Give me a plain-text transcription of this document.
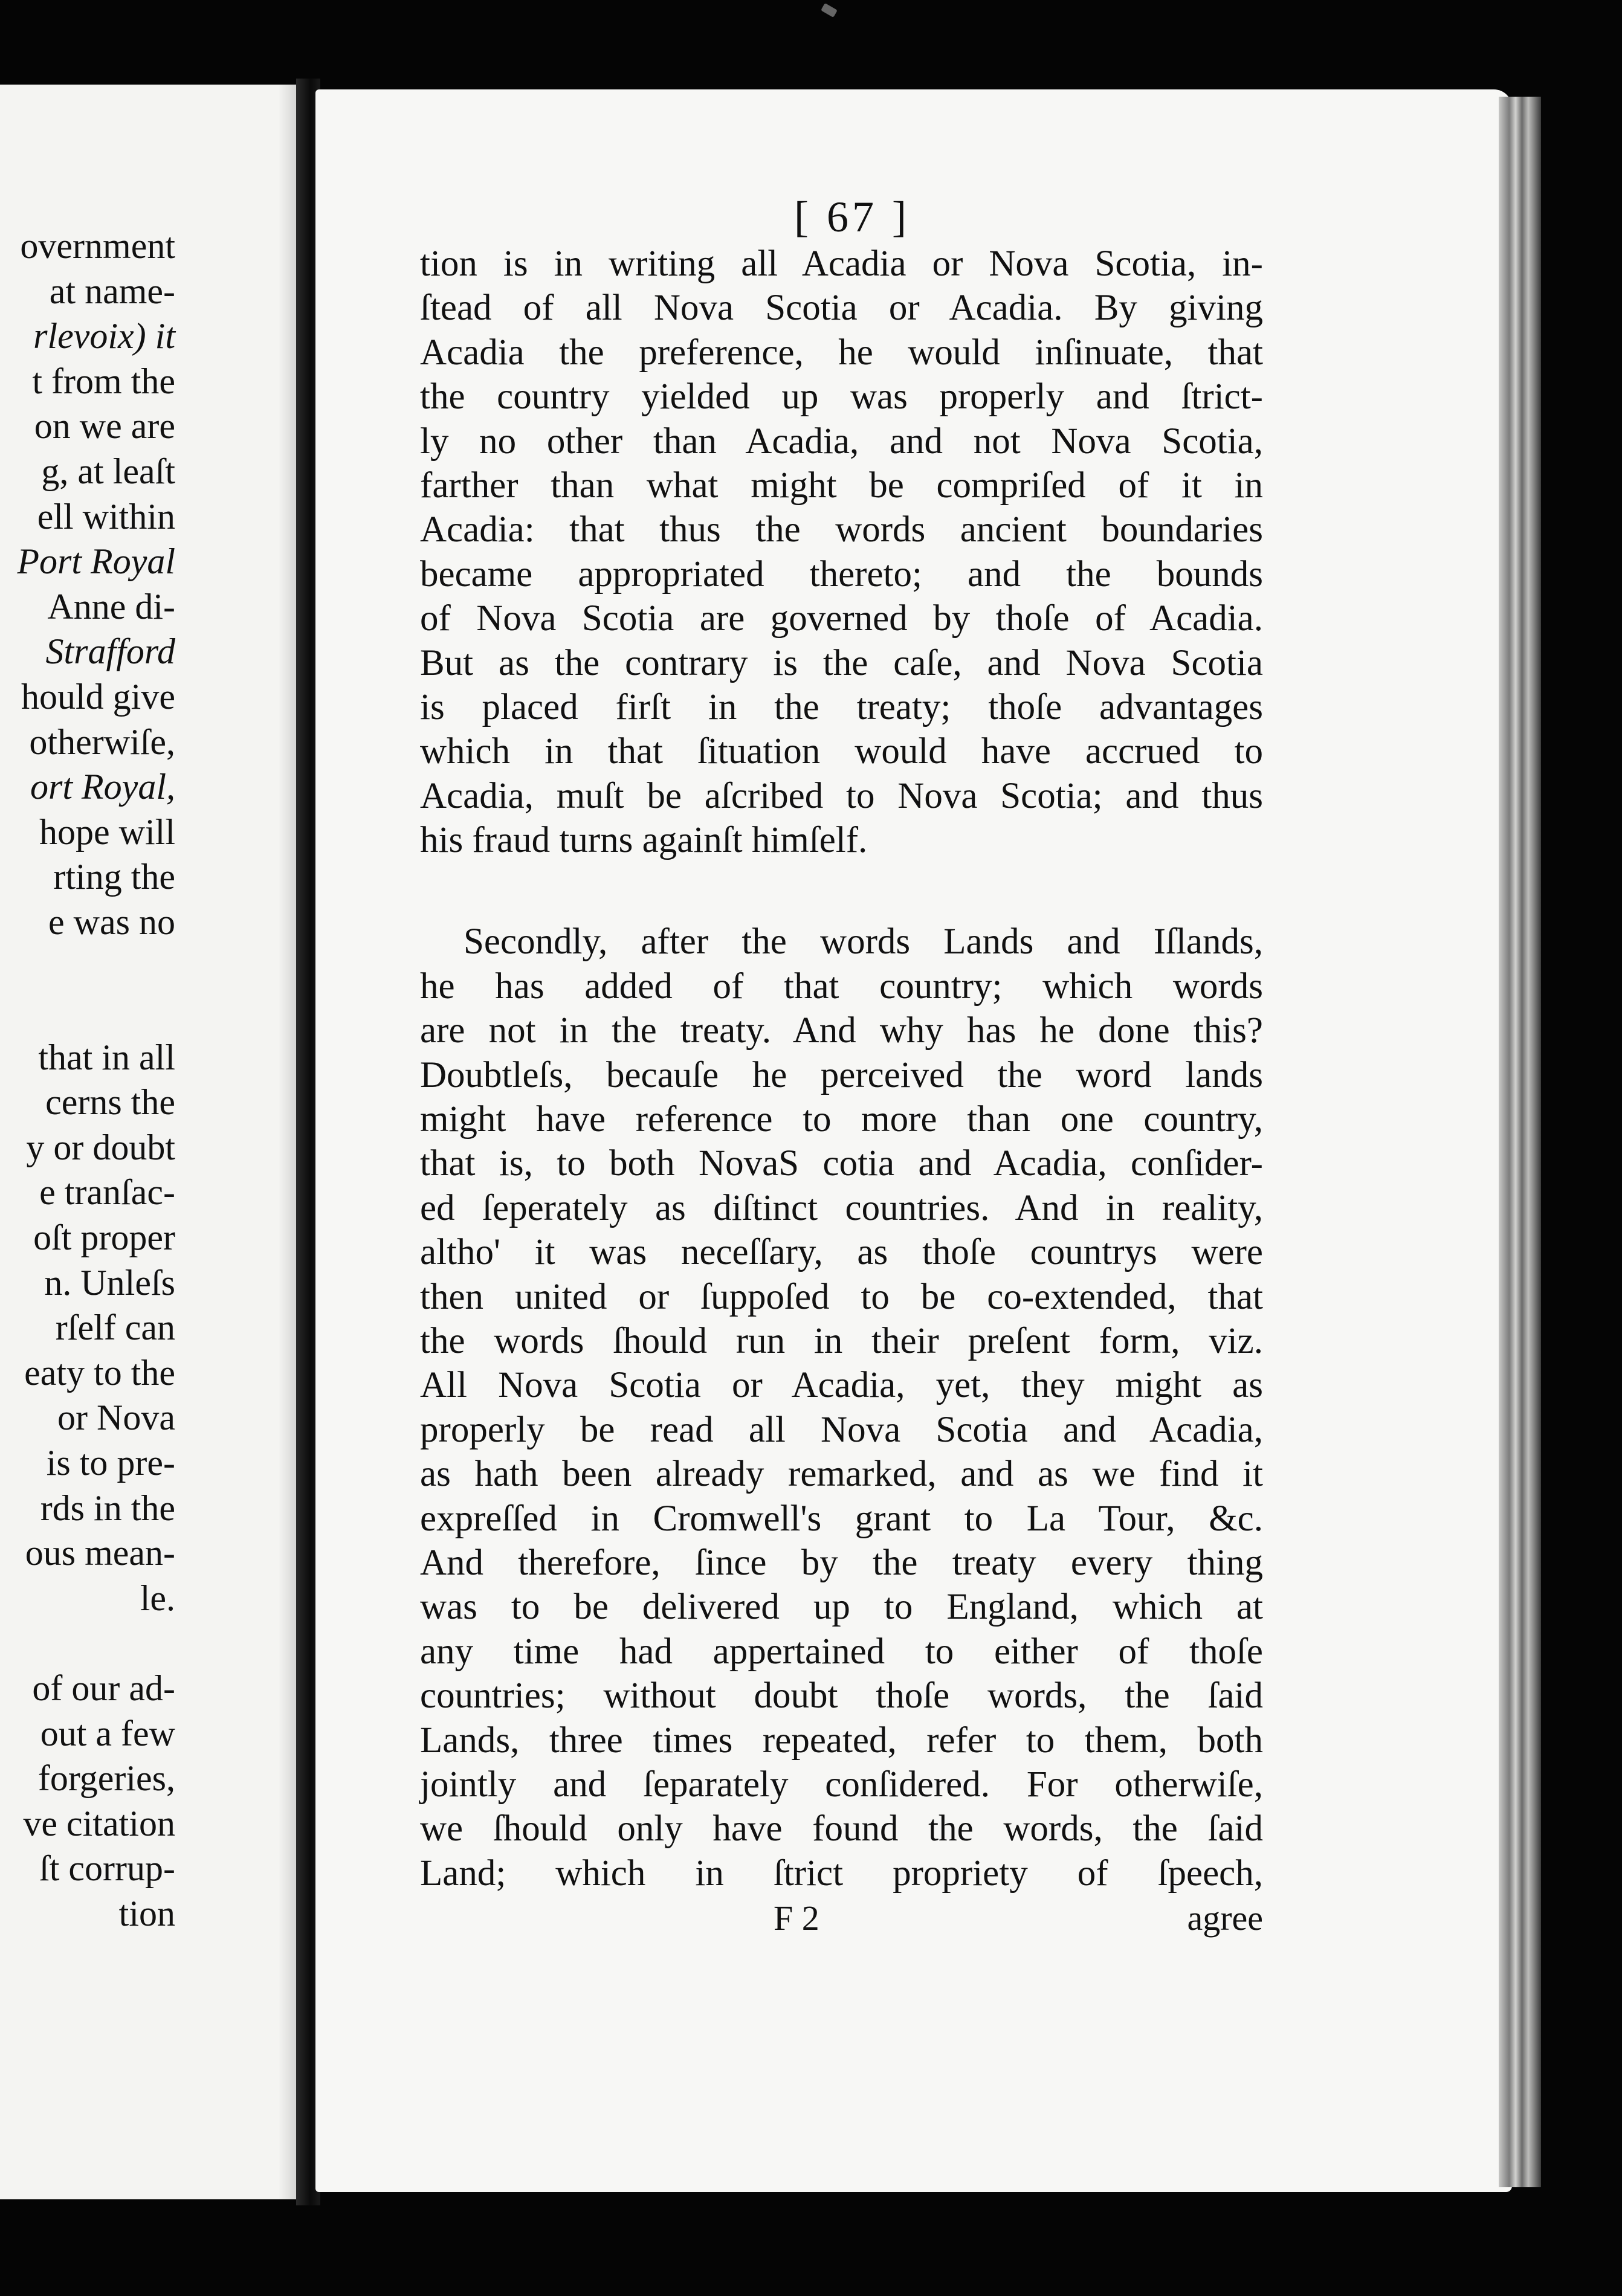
overnment
at name-
rlevoix) it
t from the
on we are
g, at leaſt
ell within
Port Royal
Anne di-
Strafford
hould give
otherwiſe,
ort Royal,
hope will
rting the
e was no
that in all
cerns the
y or doubt
e tranſac-
oſt proper
n. Unleſs
rſelf can
eaty to the
or Nova
is to pre-
rds in the
ous mean-
le.
of our ad-
out a few
forgeries,
ve citation
ſt corrup-
tion
[ 67 ]
tion is in writing all Acadia or Nova Scotia, in-
ſtead of all Nova Scotia or Acadia. By giving
Acadia the preference, he would inſinuate, that
the country yielded up was properly and ſtrict-
ly no other than Acadia, and not Nova Scotia,
farther than what might be compriſed of it in
Acadia: that thus the words ancient boundaries
became appropriated thereto; and the bounds
of Nova Scotia are governed by thoſe of Acadia.
But as the contrary is the caſe, and Nova Scotia
is placed firſt in the treaty; thoſe advantages
which in that ſituation would have accrued to
Acadia, muſt be aſcribed to Nova Scotia; and thus
his fraud turns againſt himſelf.
Secondly, after the words Lands and Iſlands,
he has added of that country; which words
are not in the treaty. And why has he done this?
Doubtleſs, becauſe he perceived the word lands
might have reference to more than one country,
that is, to both NovaS cotia and Acadia, conſider-
ed ſeperately as diſtinct countries. And in reality,
altho' it was neceſſary, as thoſe countrys were
then united or ſuppoſed to be co-extended, that
the words ſhould run in their preſent form, viz.
All Nova Scotia or Acadia, yet, they might as
properly be read all Nova Scotia and Acadia,
as hath been already remarked, and as we find it
expreſſed in Cromwell's grant to La Tour, &c.
And therefore, ſince by the treaty every thing
was to be delivered up to England, which at
any time had appertained to either of thoſe
countries; without doubt thoſe words, the ſaid
Lands, three times repeated, refer to them, both
jointly and ſeparately conſidered. For otherwiſe,
we ſhould only have found the words, the ſaid
Land; which in ſtrict propriety of ſpeech,
F 2	agree
